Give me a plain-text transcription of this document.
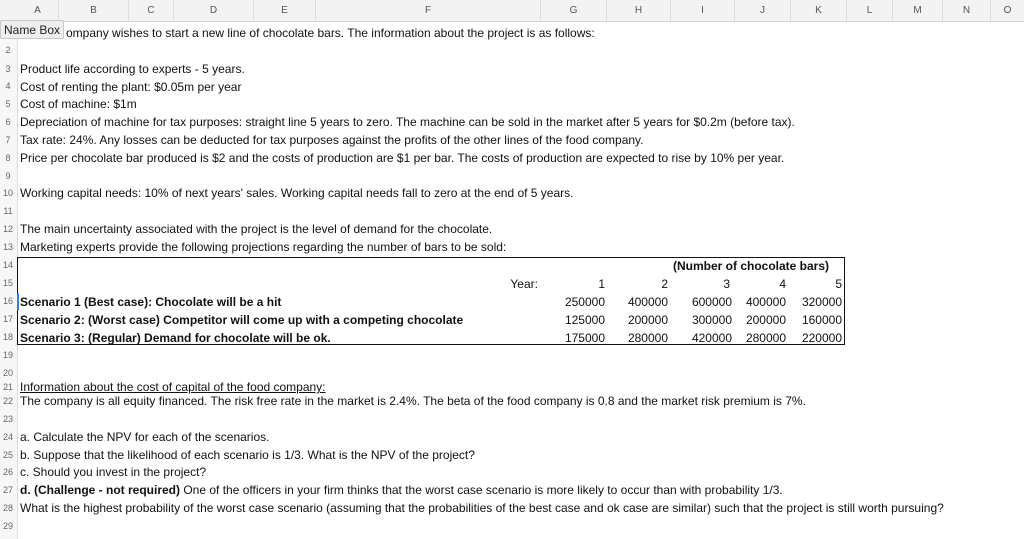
A	B	C	D	E	F	G	H	I	J	K	L	M	N	O
Name Box
2
3
4
5
6
7
8
9
10
11
12
13
14
15
16
17
18
19
20
21
22
23
24
25
26
27
28
29
ompany wishes to start a new line of chocolate bars. The information about the project is as follows:
Product life according to experts - 5 years.
Cost of renting the plant: $0.05m per year
Cost of machine: $1m
Depreciation of machine for tax purposes: straight line 5 years to zero. The machine can be sold in the market after 5 years for $0.2m (before tax).
Tax rate: 24%. Any losses can be deducted for tax purposes against the profits of the other lines of the food company.
Price per chocolate bar produced is $2 and the costs of production are $1 per bar. The costs of production are expected to rise by 10% per year.
Working capital needs: 10% of next years' sales. Working capital needs fall to zero at the end of 5 years.
The main uncertainty associated with the project is the level of demand for the chocolate.
Marketing experts provide the following projections regarding the number of bars to be sold:
(Number of chocolate bars)
Year:	1	2	3	4	5
Scenario 1 (Best case): Chocolate will be a hit	250000	400000	600000	400000	320000
Scenario 2: (Worst case) Competitor will come up with a competing chocolate	125000	200000	300000	200000	160000
Scenario 3: (Regular) Demand for chocolate will be ok.	175000	280000	420000	280000	220000
Information about the cost of capital of the food company:
The company is all equity financed. The risk free rate in the market is 2.4%. The beta of the food company is 0.8 and the market risk premium is 7%.
a. Calculate the NPV for each of the scenarios.
b. Suppose that the likelihood of each scenario is 1/3. What is the NPV of the project?
c. Should you invest in the project?
d. (Challenge - not required) One of the officers in your firm thinks that the worst case scenario is more likely to occur than with probability 1/3.
What is the highest probability of the worst case scenario (assuming that the probabilities of the best case and ok case are similar) such that the project is still worth pursuing?
